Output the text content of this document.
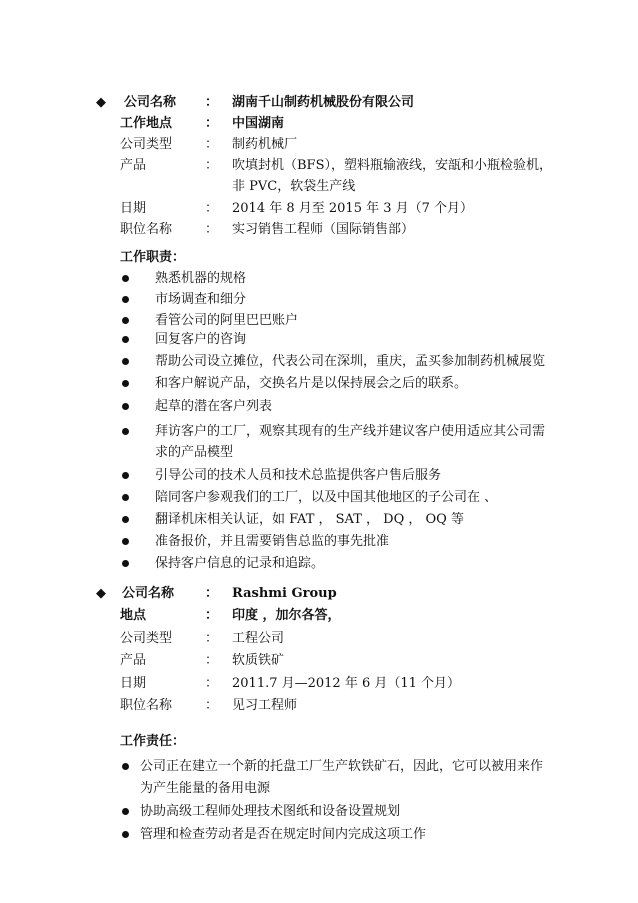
◆ 公司名称 ： 湖南千山制药机械股份有限公司
工作地点	： 中国湖南
公司类型	： 制药机械厂
产品	： 吹填封机（BFS），塑料瓶输液线，安瓿和小瓶检验机，
非 PVC，软袋生产线
日期	： 2014 年 8 月至 2015 年 3 月（7 个月）
职位名称	： 实习销售工程师（国际销售部）
工作职责：
熟悉机器的规格
市场调查和细分
看管公司的阿里巴巴账户
回复客户的咨询
帮助公司设立摊位，代表公司在深圳，重庆，孟买参加制药机械展览
和客户解说产品，交换名片是以保持展会之后的联系。
起草的潜在客户列表
拜访客户的工厂，观察其现有的生产线并建议客户使用适应其公司需
求的产品模型
引导公司的技术人员和技术总监提供客户售后服务
陪同客户参观我们的工厂，以及中国其他地区的子公司在 、
翻译机床相关认证，如 FAT ， SAT ， DQ ， OQ 等
准备报价，并且需要销售总监的事先批准
保持客户信息的记录和追踪。
◆ 公司名称 ： Rashmi Group
地点	： 印度 ，加尔各答，
公司类型	： 工程公司
产品	： 软质铁矿
日期	： 2011.7 月—2012 年 6 月（11 个月）
职位名称	： 见习工程师
工作责任：
公司正在建立一个新的托盘工厂生产软铁矿石，因此，它可以被用来作
为产生能量的备用电源
协助高级工程师处理技术图纸和设备设置规划
管理和检查劳动者是否在规定时间内完成这项工作
